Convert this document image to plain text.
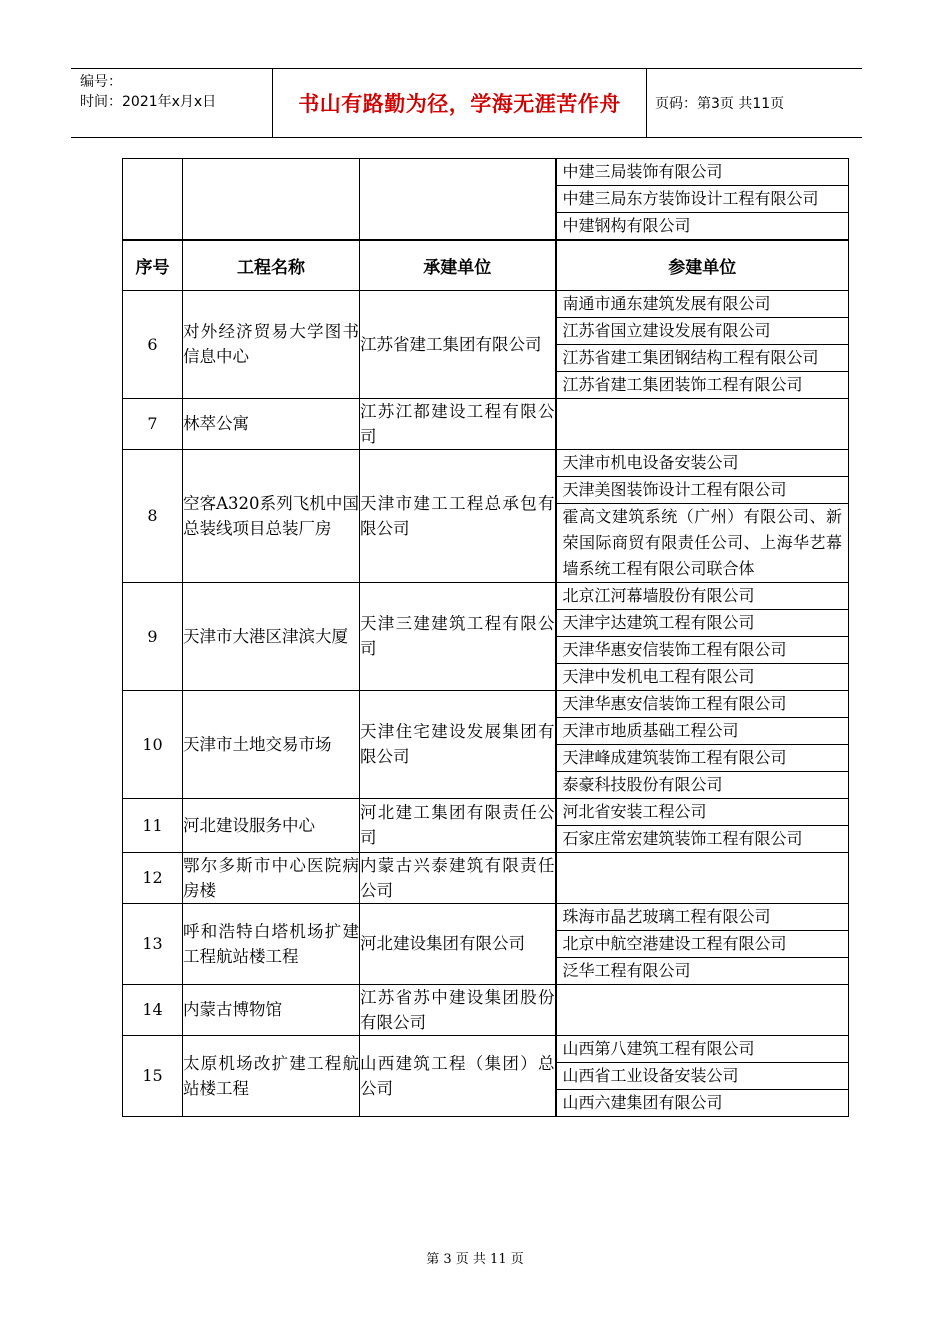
编号：
时间：2021年x月x日	书山有路勤为径，学海无涯苦作舟	页码：第3页 共11页
			中建三局装饰有限公司
			中建三局东方装饰设计工程有限公司
			中建钢构有限公司
序号	工程名称	承建单位	参建单位
6	对外经济贸易大学图书信息中心	江苏省建工集团有限公司	南通市通东建筑发展有限公司
			江苏省国立建设发展有限公司
			江苏省建工集团钢结构工程有限公司
			江苏省建工集团装饰工程有限公司
7	林萃公寓	江苏江都建设工程有限公司	
8	空客A320系列飞机中国总装线项目总装厂房	天津市建工工程总承包有限公司	天津市机电设备安装公司
			天津美图装饰设计工程有限公司
			霍高文建筑系统（广州）有限公司、新荣国际商贸有限责任公司、上海华艺幕墙系统工程有限公司联合体
9	天津市大港区津滨大厦	天津三建建筑工程有限公司	北京江河幕墙股份有限公司
			天津宇达建筑工程有限公司
			天津华惠安信装饰工程有限公司
			天津中发机电工程有限公司
10	天津市土地交易市场	天津住宅建设发展集团有限公司	天津华惠安信装饰工程有限公司
			天津市地质基础工程公司
			天津峰成建筑装饰工程有限公司
			泰豪科技股份有限公司
11	河北建设服务中心	河北建工集团有限责任公司	河北省安装工程公司
			石家庄常宏建筑装饰工程有限公司
12	鄂尔多斯市中心医院病房楼	内蒙古兴泰建筑有限责任公司	
13	呼和浩特白塔机场扩建工程航站楼工程	河北建设集团有限公司	珠海市晶艺玻璃工程有限公司
			北京中航空港建设工程有限公司
			泛华工程有限公司
14	内蒙古博物馆	江苏省苏中建设集团股份有限公司	
15	太原机场改扩建工程航站楼工程	山西建筑工程（集团）总公司	山西第八建筑工程有限公司
			山西省工业设备安装公司
			山西六建集团有限公司
第 3 页 共 11 页
